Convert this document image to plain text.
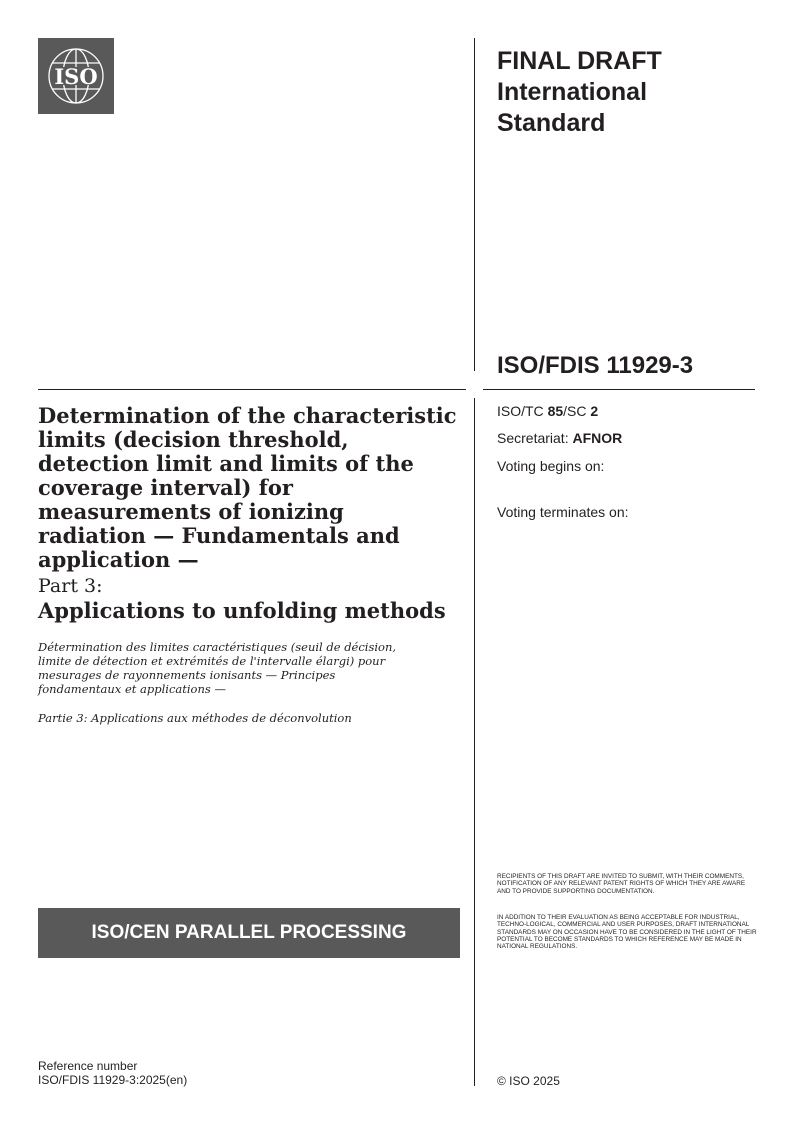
ISO
FINAL DRAFT
International
Standard
ISO/FDIS 11929-3
ISO/TC 85/SC 2
Secretariat: AFNOR
Voting begins on:
Voting terminates on:
Determination of the characteristic limits (decision threshold, detection limit and limits of the coverage interval) for measurements of ionizing radiation — Fundamentals and application —
Part 3:
Applications to unfolding methods
Détermination des limites caractéristiques (seuil de décision, limite de détection et extrémités de l'intervalle élargi) pour mesurages de rayonnements ionisants — Principes fondamentaux et applications —
Partie 3: Applications aux méthodes de déconvolution
ISO/CEN PARALLEL PROCESSING
RECIPIENTS OF THIS DRAFT ARE INVITED TO SUBMIT, WITH THEIR COMMENTS, NOTIFICATION OF ANY RELEVANT PATENT RIGHTS OF WHICH THEY ARE AWARE AND TO PROVIDE SUPPORTING DOCUMENTATION.
IN ADDITION TO THEIR EVALUATION AS BEING ACCEPTABLE FOR INDUSTRIAL, TECHNO-LOGICAL, COMMERCIAL AND USER PURPOSES, DRAFT INTERNATIONAL STANDARDS MAY ON OCCASION HAVE TO BE CONSIDERED IN THE LIGHT OF THEIR POTENTIAL TO BECOME STANDARDS TO WHICH REFERENCE MAY BE MADE IN NATIONAL REGULATIONS.
Reference number
ISO/FDIS 11929-3:2025(en)	© ISO 2025
